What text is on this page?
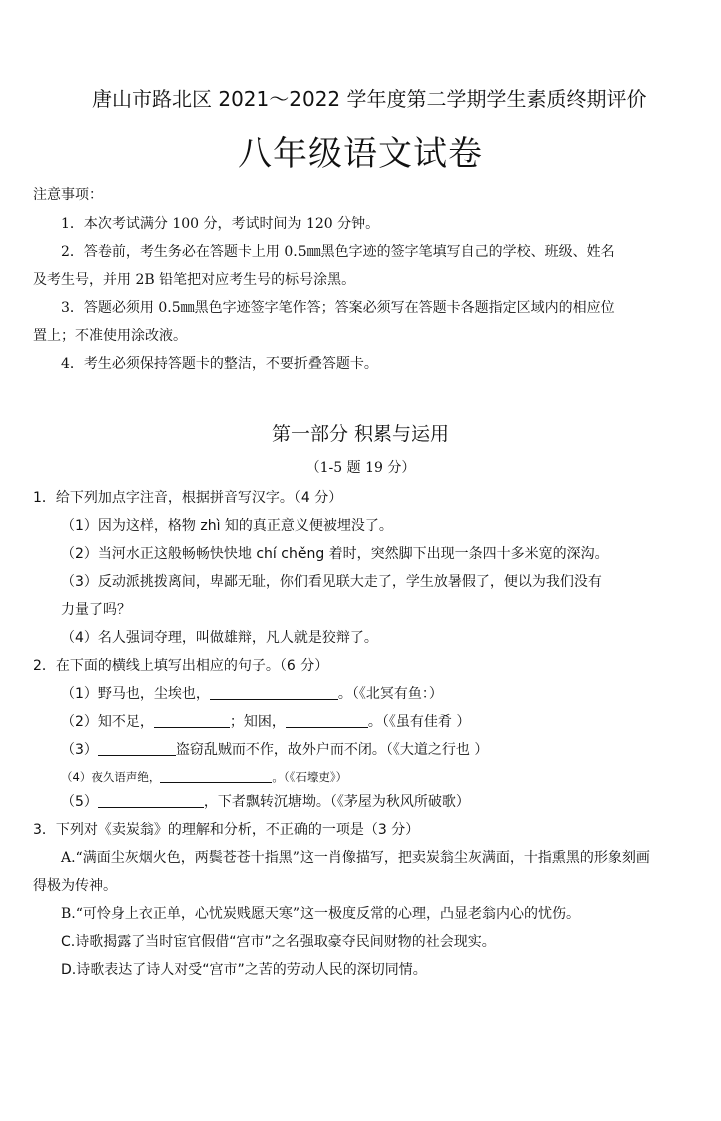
唐山市路北区 2021～2022 学年度第二学期学生素质终期评价
八年级语文试卷
注意事项：
1．本次考试满分 100 分，考试时间为 120 分钟。
2．答卷前，考生务必在答题卡上用 0.5㎜黑色字迹的签字笔填写自己的学校、班级、姓名
及考生号，并用 2B 铅笔把对应考生号的标号涂黑。
3．答题必须用 0.5㎜黑色字迹签字笔作答；答案必须写在答题卡各题指定区域内的相应位
置上；不准使用涂改液。
4．考生必须保持答题卡的整洁，不要折叠答题卡。
第一部分 积累与运用
（1-5 题 19 分）
1．给下列加点字注音，根据拼音写汉字。（4 分）
（1）因为这样，格物 zhì 知的真正意义便被埋没了。
（2）当河水正这般畅畅快快地 chí chěng 着时，突然脚下出现一条四十多米宽的深沟。
（3）反动派挑拨离间，卑鄙无耻，你们看见联大走了，学生放暑假了，便以为我们没有
力量了吗？
（4）名人强词夺理，叫做雄辩，凡人就是狡辩了。
2．在下面的横线上填写出相应的句子。（6 分）
（1）野马也，尘埃也，	。（《北冥有鱼：）
（2）知不足，	；知困，	。（《虽有佳肴 ）
（3）	盗窃乱贼而不作，故外户而不闭。（《大道之行也 ）
（4）夜久语声绝，	。（《石壕吏》）
（5）	，下者飘转沉塘坳。（《茅屋为秋风所破歌）
3．下列对《卖炭翁》的理解和分析，不正确的一项是（3 分）
A.“满面尘灰烟火色，两鬓苍苍十指黑”这一肖像描写，把卖炭翁尘灰满面，十指熏黑的形象刻画
得极为传神。
B.“可怜身上衣正单，心忧炭贱愿天寒”这一极度反常的心理，凸显老翁内心的忧伤。
C.诗歌揭露了当时宦官假借“宫市”之名强取豪夺民间财物的社会现实。
D.诗歌表达了诗人对受“宫市”之苦的劳动人民的深切同情。
